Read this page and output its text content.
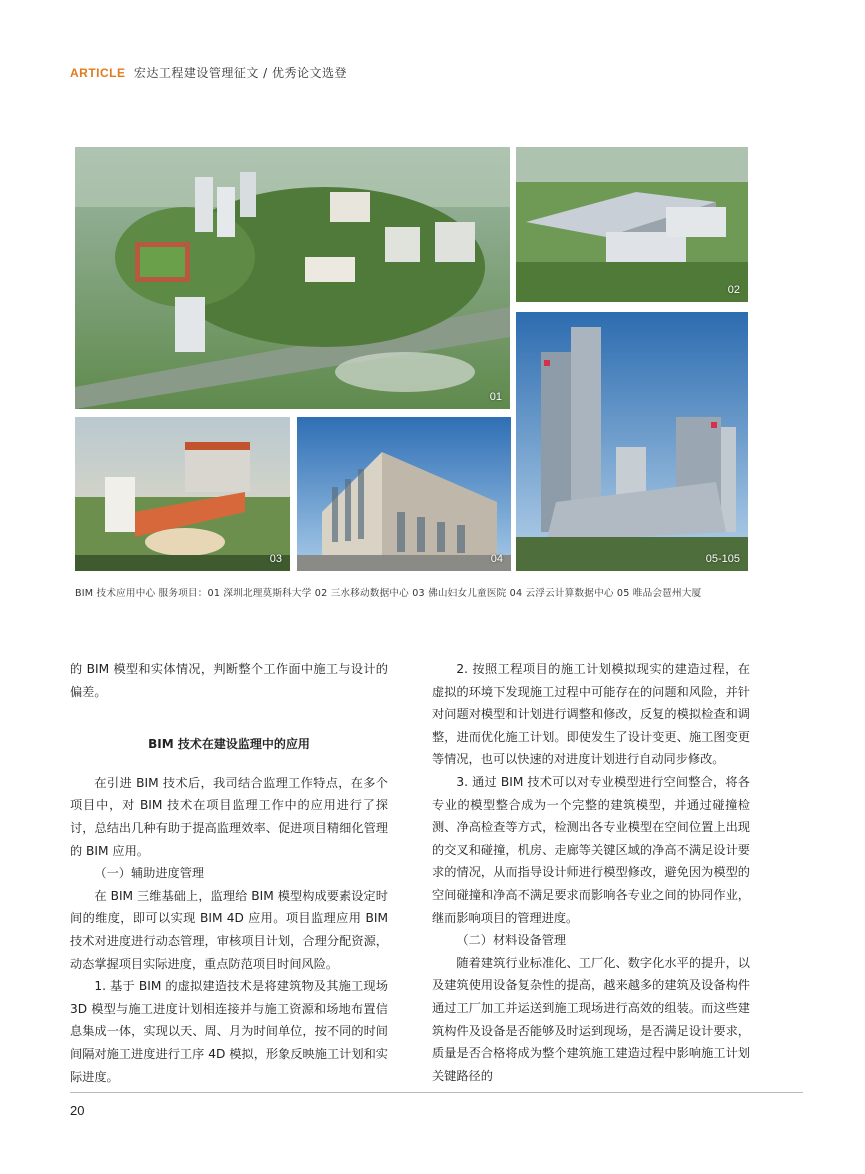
ARTICLE 宏达工程建设管理征文 / 优秀论文选登
01
02
03	04	05-105
BIM 技术应用中心 服务项目：01 深圳北理莫斯科大学 02 三水移动数据中心 03 佛山妇女儿童医院 04 云浮云计算数据中心 05 唯品会琶州大厦

的 BIM 模型和实体情况，判断整个工作面中施工与设计的偏差。

BIM 技术在建设监理中的应用

在引进 BIM 技术后，我司结合监理工作特点，在多个项目中，对 BIM 技术在项目监理工作中的应用进行了探讨，总结出几种有助于提高监理效率、促进项目精细化管理的 BIM 应用。

（一）辅助进度管理

在 BIM 三维基础上，监理给 BIM 模型构成要素设定时间的维度，即可以实现 BIM 4D 应用。项目监理应用 BIM 技术对进度进行动态管理，审核项目计划，合理分配资源，动态掌握项目实际进度，重点防范项目时间风险。

1. 基于 BIM 的虚拟建造技术是将建筑物及其施工现场 3D 模型与施工进度计划相连接并与施工资源和场地布置信息集成一体，实现以天、周、月为时间单位，按不同的时间间隔对施工进度进行工序 4D 模拟，形象反映施工计划和实际进度。

2. 按照工程项目的施工计划模拟现实的建造过程，在虚拟的环境下发现施工过程中可能存在的问题和风险，并针对问题对模型和计划进行调整和修改，反复的模拟检查和调整，进而优化施工计划。即使发生了设计变更、施工图变更等情况，也可以快速的对进度计划进行自动同步修改。

3. 通过 BIM 技术可以对专业模型进行空间整合，将各专业的模型整合成为一个完整的建筑模型，并通过碰撞检测、净高检查等方式，检测出各专业模型在空间位置上出现的交叉和碰撞，机房、走廊等关键区域的净高不满足设计要求的情况，从而指导设计师进行模型修改，避免因为模型的空间碰撞和净高不满足要求而影响各专业之间的协同作业，继而影响项目的管理进度。

（二）材料设备管理

随着建筑行业标准化、工厂化、数字化水平的提升，以及建筑使用设备复杂性的提高，越来越多的建筑及设备构件通过工厂加工并运送到施工现场进行高效的组装。而这些建筑构件及设备是否能够及时运到现场，是否满足设计要求，质量是否合格将成为整个建筑施工建造过程中影响施工计划关键路径的

20
